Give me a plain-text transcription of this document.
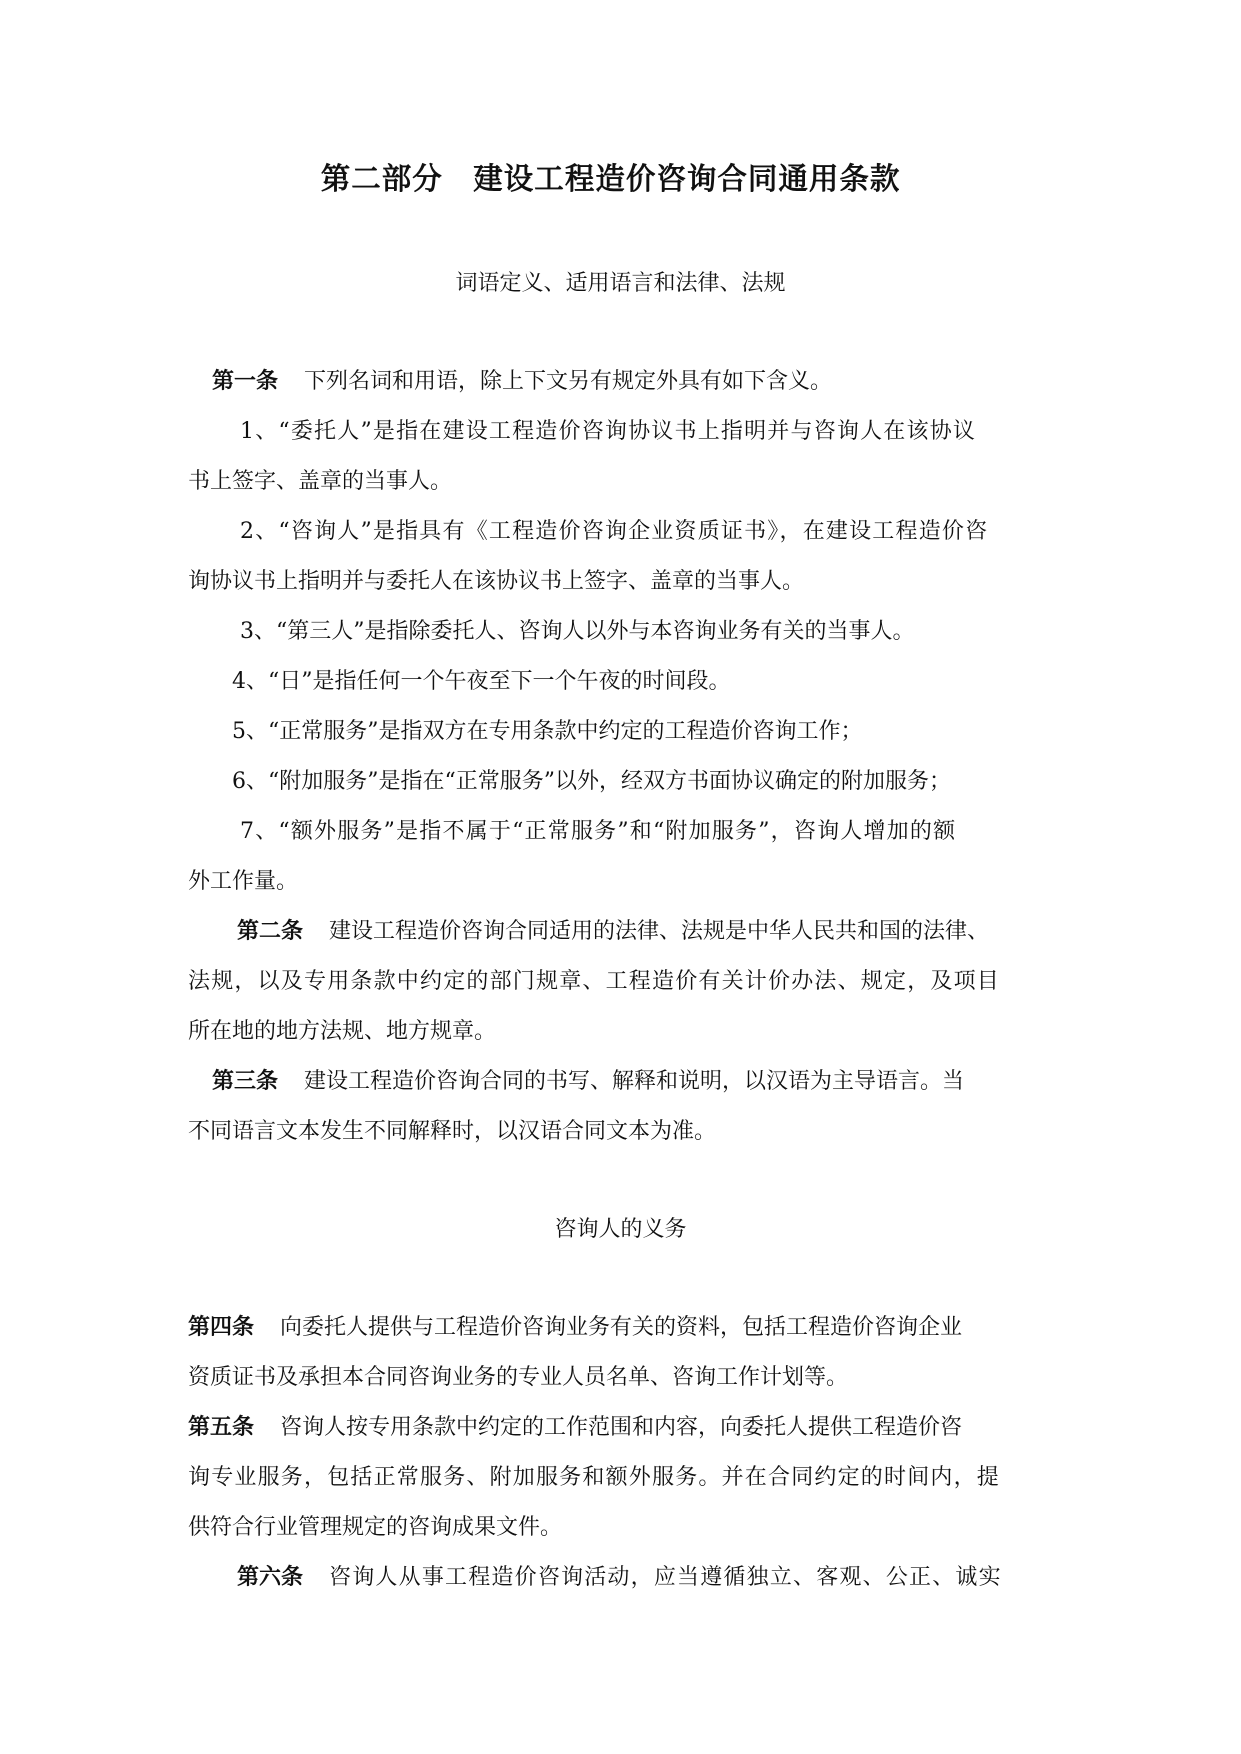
第二部分　建设工程造价咨询合同通用条款
词语定义、适用语言和法律、法规
第一条 下列名词和用语，除上下文另有规定外具有如下含义。
1、“委托人”是指在建设工程造价咨询协议书上指明并与咨询人在该协议
书上签字、盖章的当事人。
2、“咨询人”是指具有《工程造价咨询企业资质证书》，在建设工程造价咨
询协议书上指明并与委托人在该协议书上签字、盖章的当事人。
3、“第三人”是指除委托人、咨询人以外与本咨询业务有关的当事人。
4、“日”是指任何一个午夜至下一个午夜的时间段。
5、“正常服务”是指双方在专用条款中约定的工程造价咨询工作；
6、“附加服务”是指在“正常服务”以外，经双方书面协议确定的附加服务；
7、“额外服务”是指不属于“正常服务”和“附加服务”，咨询人增加的额
外工作量。
第二条 建设工程造价咨询合同适用的法律、法规是中华人民共和国的法律、
法规，以及专用条款中约定的部门规章、工程造价有关计价办法、规定，及项目
所在地的地方法规、地方规章。
第三条 建设工程造价咨询合同的书写、解释和说明，以汉语为主导语言。当
不同语言文本发生不同解释时，以汉语合同文本为准。
咨询人的义务
第四条 向委托人提供与工程造价咨询业务有关的资料，包括工程造价咨询企业
资质证书及承担本合同咨询业务的专业人员名单、咨询工作计划等。
第五条 咨询人按专用条款中约定的工作范围和内容，向委托人提供工程造价咨
询专业服务，包括正常服务、附加服务和额外服务。并在合同约定的时间内，提
供符合行业管理规定的咨询成果文件。
第六条 咨询人从事工程造价咨询活动，应当遵循独立、客观、公正、诚实
